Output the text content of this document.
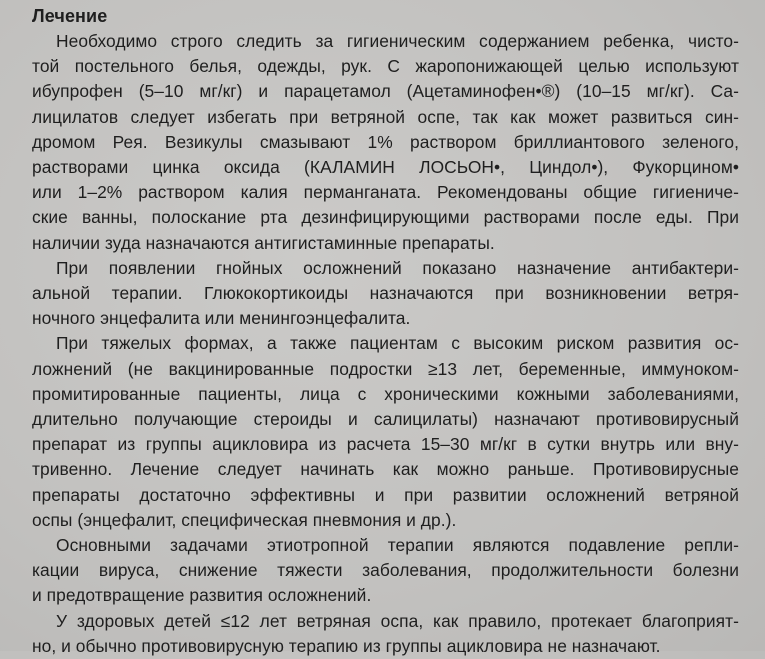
Лечение
Необходимо строго следить за гигиеническим содержанием ребенка, чисто-
той постельного белья, одежды, рук. С жаропонижающей целью используют
ибупрофен (5–10 мг/кг) и парацетамол (Ацетаминофен•®) (10–15 мг/кг). Са-
лицилатов следует избегать при ветряной оспе, так как может развиться син-
дромом Рея. Везикулы смазывают 1% раствором бриллиантового зеленого,
растворами цинка оксида (КАЛАМИН ЛОСЬОН•, Циндол•), Фукорцином•
или 1–2% раствором калия перманганата. Рекомендованы общие гигиениче-
ские ванны, полоскание рта дезинфицирующими растворами после еды. При
наличии зуда назначаются антигистаминные препараты.
При появлении гнойных осложнений показано назначение антибактери-
альной терапии. Глюкокортикоиды назначаются при возникновении ветря-
ночного энцефалита или менингоэнцефалита.
При тяжелых формах, а также пациентам с высоким риском развития ос-
ложнений (не вакцинированные подростки ≥13 лет, беременные, иммуноком-
промитированные пациенты, лица с хроническими кожными заболеваниями,
длительно получающие стероиды и салицилаты) назначают противовирусный
препарат из группы ацикловира из расчета 15–30 мг/кг в сутки внутрь или вну-
тривенно. Лечение следует начинать как можно раньше. Противовирусные
препараты достаточно эффективны и при развитии осложнений ветряной
оспы (энцефалит, специфическая пневмония и др.).
Основными задачами этиотропной терапии являются подавление репли-
кации вируса, снижение тяжести заболевания, продолжительности болезни
и предотвращение развития осложнений.
У здоровых детей ≤12 лет ветряная оспа, как правило, протекает благоприят-
но, и обычно противовирусную терапию из группы ацикловира не назначают.
